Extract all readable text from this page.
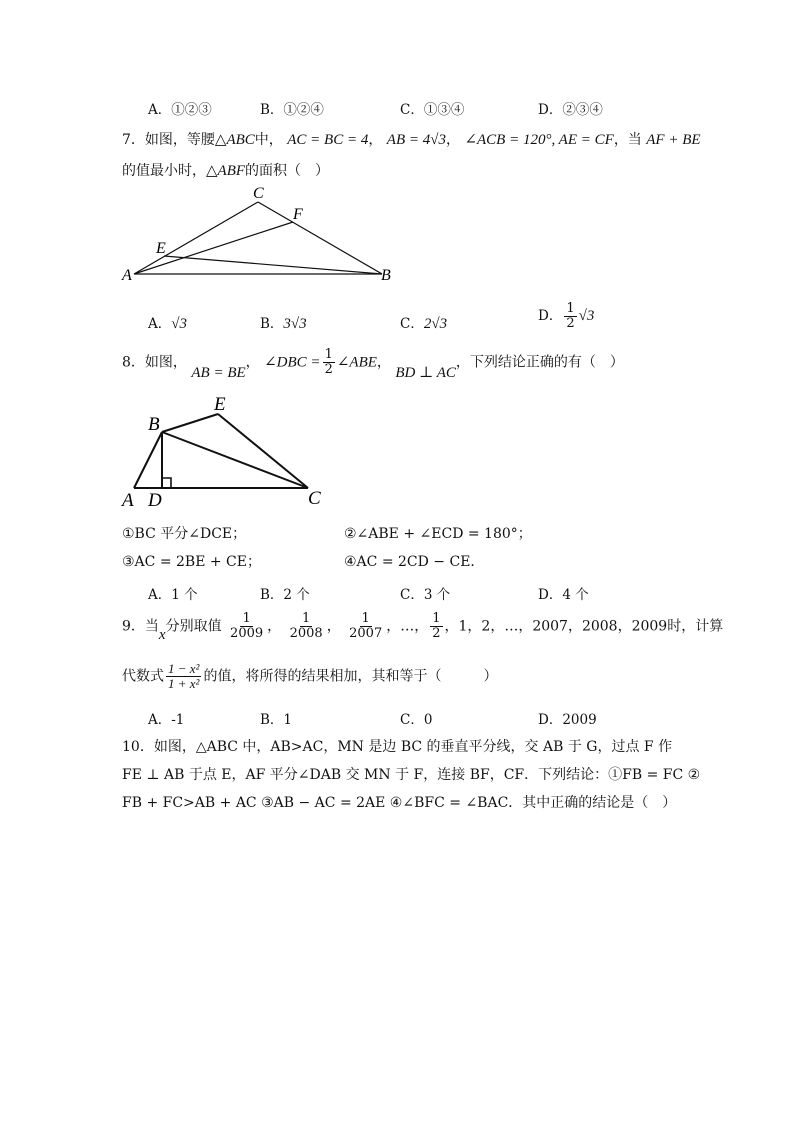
A．①②③	B．①②④	C．①③④	D．②③④
7．如图，等腰△ABC中， AC = BC = 4， AB = 4√3， ∠ACB = 120°, AE = CF，当 AF + BE
的值最小时，△ABF的面积（　）
C
F
E
A	B
A．√3	B．3√3	C．2√3	D． $\frac{1}{2} √3$
8．如图， AB = BE， ∠DBC = $\frac{1}{2}$ ∠ABE， BD ⊥ AC，下列结论正确的有（　）
B
E
A D	C
①BC 平分∠DCE；	②∠ABE + ∠ECD = 180°；
③AC = 2BE + CE；	④AC = 2CD − CE．
A．1 个	B．2 个	C．3 个	D．4 个
9．当x分别取值 $\frac{1}{2009}$ ， $\frac{1}{2008}$ ， $\frac{1}{2007}$ ，…， $\frac{1}{2}$ ，1，2，…，2007，2008，2009时，计算
代数式 $\frac{\text{1 − x²}}{\text{1 + x²}}$ 的值，将所得的结果相加，其和等于（　　　）
A．-1	B．1	C．0	D．2009
10．如图，△ABC 中，AB>AC，MN 是边 BC 的垂直平分线，交 AB 于 G，过点 F 作
FE ⊥ AB 于点 E，AF 平分∠DAB 交 MN 于 F，连接 BF，CF．下列结论：①FB = FC ②
FB + FC>AB + AC ③AB − AC = 2AE ④∠BFC = ∠BAC．其中正确的结论是（　）
